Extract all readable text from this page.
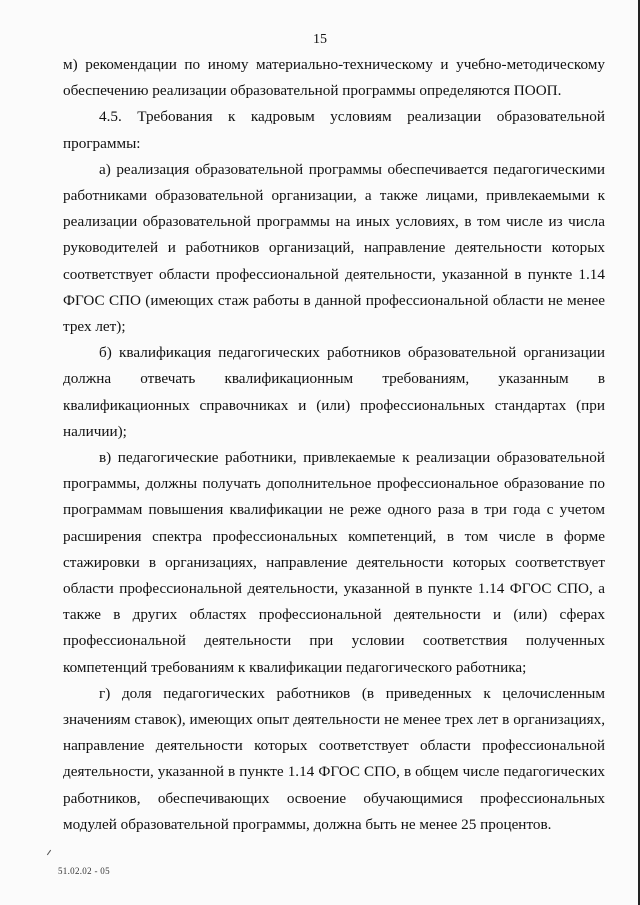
15

м) рекомендации по иному материально-техническому и учебно-методическому обеспечению реализации образовательной программы определяются ПООП.

4.5. Требования к кадровым условиям реализации образовательной программы:

а) реализация образовательной программы обеспечивается педагогическими работниками образовательной организации, а также лицами, привлекаемыми к реализации образовательной программы на иных условиях, в том числе из числа руководителей и работников организаций, направление деятельности которых соответствует области профессиональной деятельности, указанной в пункте 1.14 ФГОС СПО (имеющих стаж работы в данной профессиональной области не менее трех лет);

б) квалификация педагогических работников образовательной организации должна отвечать квалификационным требованиям, указанным в квалификационных справочниках и (или) профессиональных стандартах (при наличии);

в) педагогические работники, привлекаемые к реализации образовательной программы, должны получать дополнительное профессиональное образование по программам повышения квалификации не реже одного раза в три года с учетом расширения спектра профессиональных компетенций, в том числе в форме стажировки в организациях, направление деятельности которых соответствует области профессиональной деятельности, указанной в пункте 1.14 ФГОС СПО, а также в других областях профессиональной деятельности и (или) сферах профессиональной деятельности при условии соответствия полученных компетенций требованиям к квалификации педагогического работника;

г) доля педагогических работников (в приведенных к целочисленным значениям ставок), имеющих опыт деятельности не менее трех лет в организациях, направление деятельности которых соответствует области профессиональной деятельности, указанной в пункте 1.14 ФГОС СПО, в общем числе педагогических работников, обеспечивающих освоение обучающимися профессиональных модулей образовательной программы, должна быть не менее 25 процентов.

51.02.02 - 05
